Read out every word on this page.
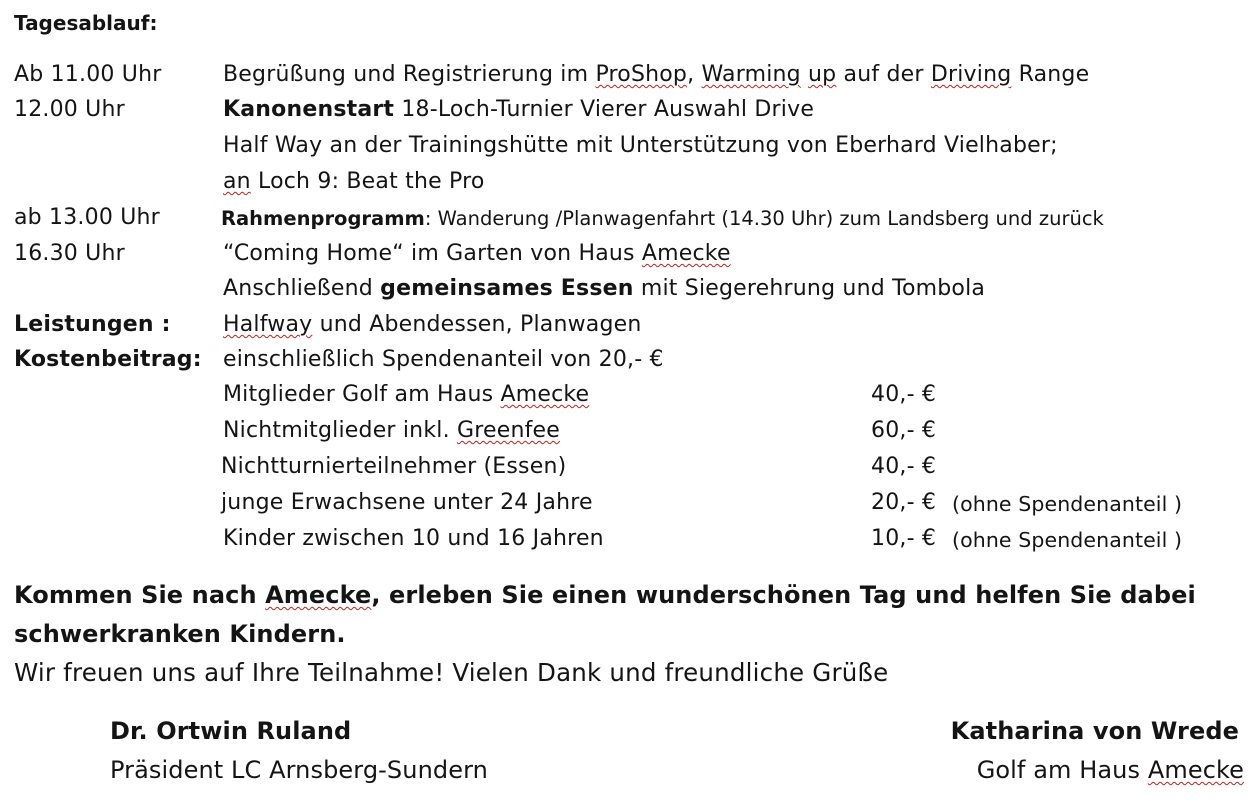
Tagesablauf:
Ab 11.00 Uhr	Begrüßung und Registrierung im ProShop, Warming up auf der Driving Range
12.00 Uhr	Kanonenstart 18-Loch-Turnier Vierer Auswahl Drive
Half Way an der Trainingshütte mit Unterstützung von Eberhard Vielhaber;
an Loch 9: Beat the Pro
ab 13.00 Uhr	Rahmenprogramm: Wanderung /Planwagenfahrt (14.30 Uhr) zum Landsberg und zurück
16.30 Uhr	“Coming Home“ im Garten von Haus Amecke
Anschließend gemeinsames Essen mit Siegerehrung und Tombola
Leistungen : Halfway und Abendessen, Planwagen
Kostenbeitrag: einschließlich Spendenanteil von 20,- €
Mitglieder Golf am Haus Amecke	40,- €
Nichtmitglieder inkl. Greenfee	60,- €
Nichtturnierteilnehmer (Essen)	40,- €
junge Erwachsene unter 24 Jahre	20,- € (ohne Spendenanteil )
Kinder zwischen 10 und 16 Jahren	10,- € (ohne Spendenanteil )
Kommen Sie nach Amecke, erleben Sie einen wunderschönen Tag und helfen Sie dabei
schwerkranken Kindern.
Wir freuen uns auf Ihre Teilnahme! Vielen Dank und freundliche Grüße
Dr. Ortwin Ruland
Präsident LC Arnsberg-Sundern
Katharina von Wrede
Golf am Haus Amecke
